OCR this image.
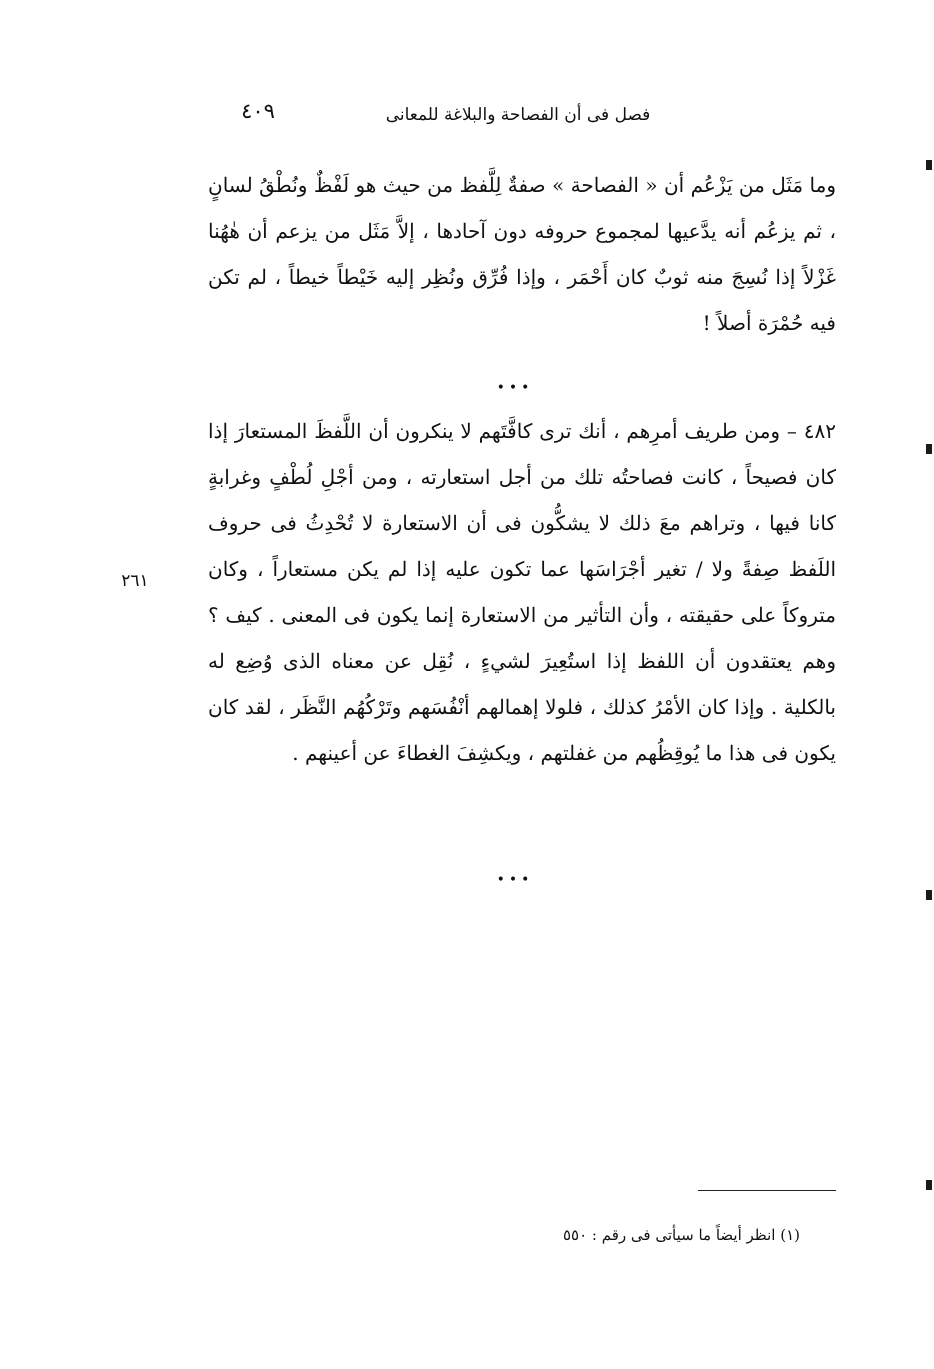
فصل فى أن الفصاحة والبلاغة للمعانى
٤٠٩

وما مَثَل من يَزْعُم أن « الفصاحة » صفةٌ لِلَّفظ من حيث هو لَفْظٌ ونُطْقُ لسانٍ ، ثم يزعُم أنه يدَّعيها لمجموع حروفه دون آحادها ، إلاَّ مَثَل من يزعم أن هٰهُنا غَزْلاً إذا نُسِجَ منه ثوبٌ كان أَحْمَر ، وإذا فُرِّق ونُظِر إليه خَيْطاً خيطاً ، لم تكن فيه حُمْرَة أصلاً !

•••

٤٨٢ – ومن طريف أمرِهم ، أنك ترى كافَّتَهم لا ينكرون أن اللَّفظَ المستعارَ إذا كان فصيحاً ، كانت فصاحتُه تلك من أجل استعارته ، ومن أجْلِ لُطْفٍ وغرابةٍ كانا فيها ، وتراهم معَ ذلك لا يشكُّون فى أن الاستعارة لا تُحْدِثُ فى حروف اللَفظ صِفةً ولا / تغير أجْرَاسَها عما تكون عليه إذا لم يكن مستعاراً ، وكان متروكاً على حقيقته ، وأن التأثير من الاستعارة إنما يكون فى المعنى . كيف ؟ وهم يعتقدون أن اللفظ إذا استُعِيرَ لشيءٍ ، نُقِل عن معناه الذى وُضِع له بالكلية . وإذا كان الأمْرُ كذلك ، فلولا إهمالهم أنْفُسَهم وتَرْكُهُم النَّظَر ، لقد كان يكون فى هذا ما يُوقِظُهم من غفلتهم ، ويكشِفَ الغطاءَ عن أعينهم .

٢٦١
•••
(١) انظر أيضاً ما سيأتى فى رقم : ٥٥٠
